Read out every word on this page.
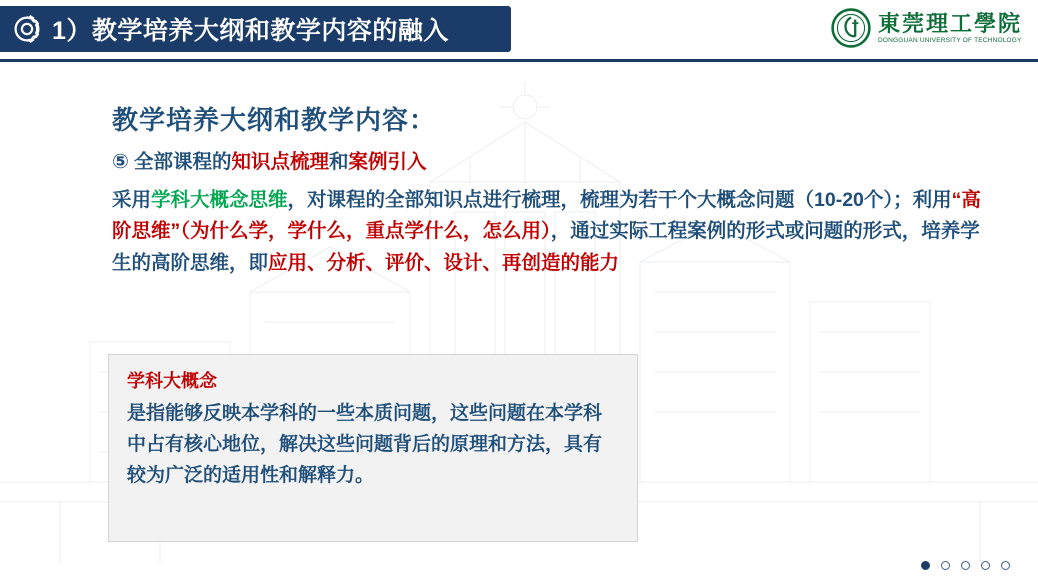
1）教学培养大纲和教学内容的融入	東莞理工學院
DONGGUAN UNIVERSITY OF TECHNOLOGY
教学培养大纲和教学内容：
⑤ 全部课程的知识点梳理和案例引入
采用学科大概念思维，对课程的全部知识点进行梳理，梳理为若干个大概念问题（10-20个）；利用“高阶思维”（为什么学，学什么，重点学什么，怎么用），通过实际工程案例的形式或问题的形式，培养学生的高阶思维，即应用、分析、评价、设计、再创造的能力
学科大概念
是指能够反映本学科的一些本质问题，这些问题在本学科中占有核心地位，解决这些问题背后的原理和方法，具有较为广泛的适用性和解释力。
